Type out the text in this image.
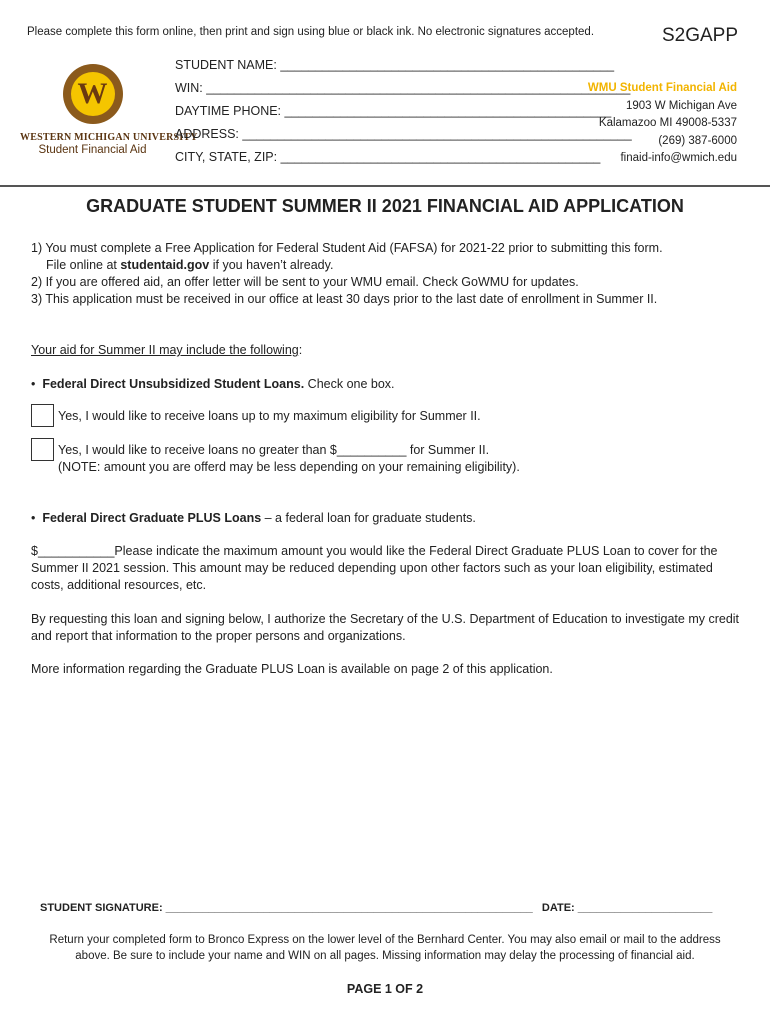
Please complete this form online, then print and sign using blue or black ink. No electronic signatures accepted.	S2GAPP
W
WESTERN MICHIGAN UNIVERSITY
Student Financial Aid
STUDENT NAME: ________________________________________________
WIN: _____________________________________________________________
DAYTIME PHONE: _______________________________________________
ADDRESS: ________________________________________________________
CITY, STATE, ZIP: ______________________________________________
WMU Student Financial Aid
1903 W Michigan Ave
Kalamazoo MI 49008-5337
(269) 387-6000
finaid-info@wmich.edu
GRADUATE STUDENT SUMMER II 2021 FINANCIAL AID APPLICATION
1) You must complete a Free Application for Federal Student Aid (FAFSA) for 2021-22 prior to submitting this form.
File online at studentaid.gov if you haven’t already.
2) If you are offered aid, an offer letter will be sent to your WMU email. Check GoWMU for updates.
3) This application must be received in our office at least 30 days prior to the last date of enrollment in Summer II.
Your aid for Summer II may include the following:
• Federal Direct Unsubsidized Student Loans. Check one box.
Yes, I would like to receive loans up to my maximum eligibility for Summer II.
Yes, I would like to receive loans no greater than $__________ for Summer II.
(NOTE: amount you are offerd may be less depending on your remaining eligibility).
• Federal Direct Graduate PLUS Loans – a federal loan for graduate students.
$___________Please indicate the maximum amount you would like the Federal Direct Graduate PLUS Loan to cover for the Summer II 2021 session. This amount may be reduced depending upon other factors such as your loan eligibility, estimated costs, additional resources, etc.
By requesting this loan and signing below, I authorize the Secretary of the U.S. Department of Education to investigate my credit and report that information to the proper persons and organizations.
More information regarding the Graduate PLUS Loan is available on page 2 of this application.
STUDENT SIGNATURE: ____________________________________________________________ DATE: ______________________
Return your completed form to Bronco Express on the lower level of the Bernhard Center. You may also email or mail to the address above. Be sure to include your name and WIN on all pages. Missing information may delay the processing of financial aid.
PAGE 1 OF 2
